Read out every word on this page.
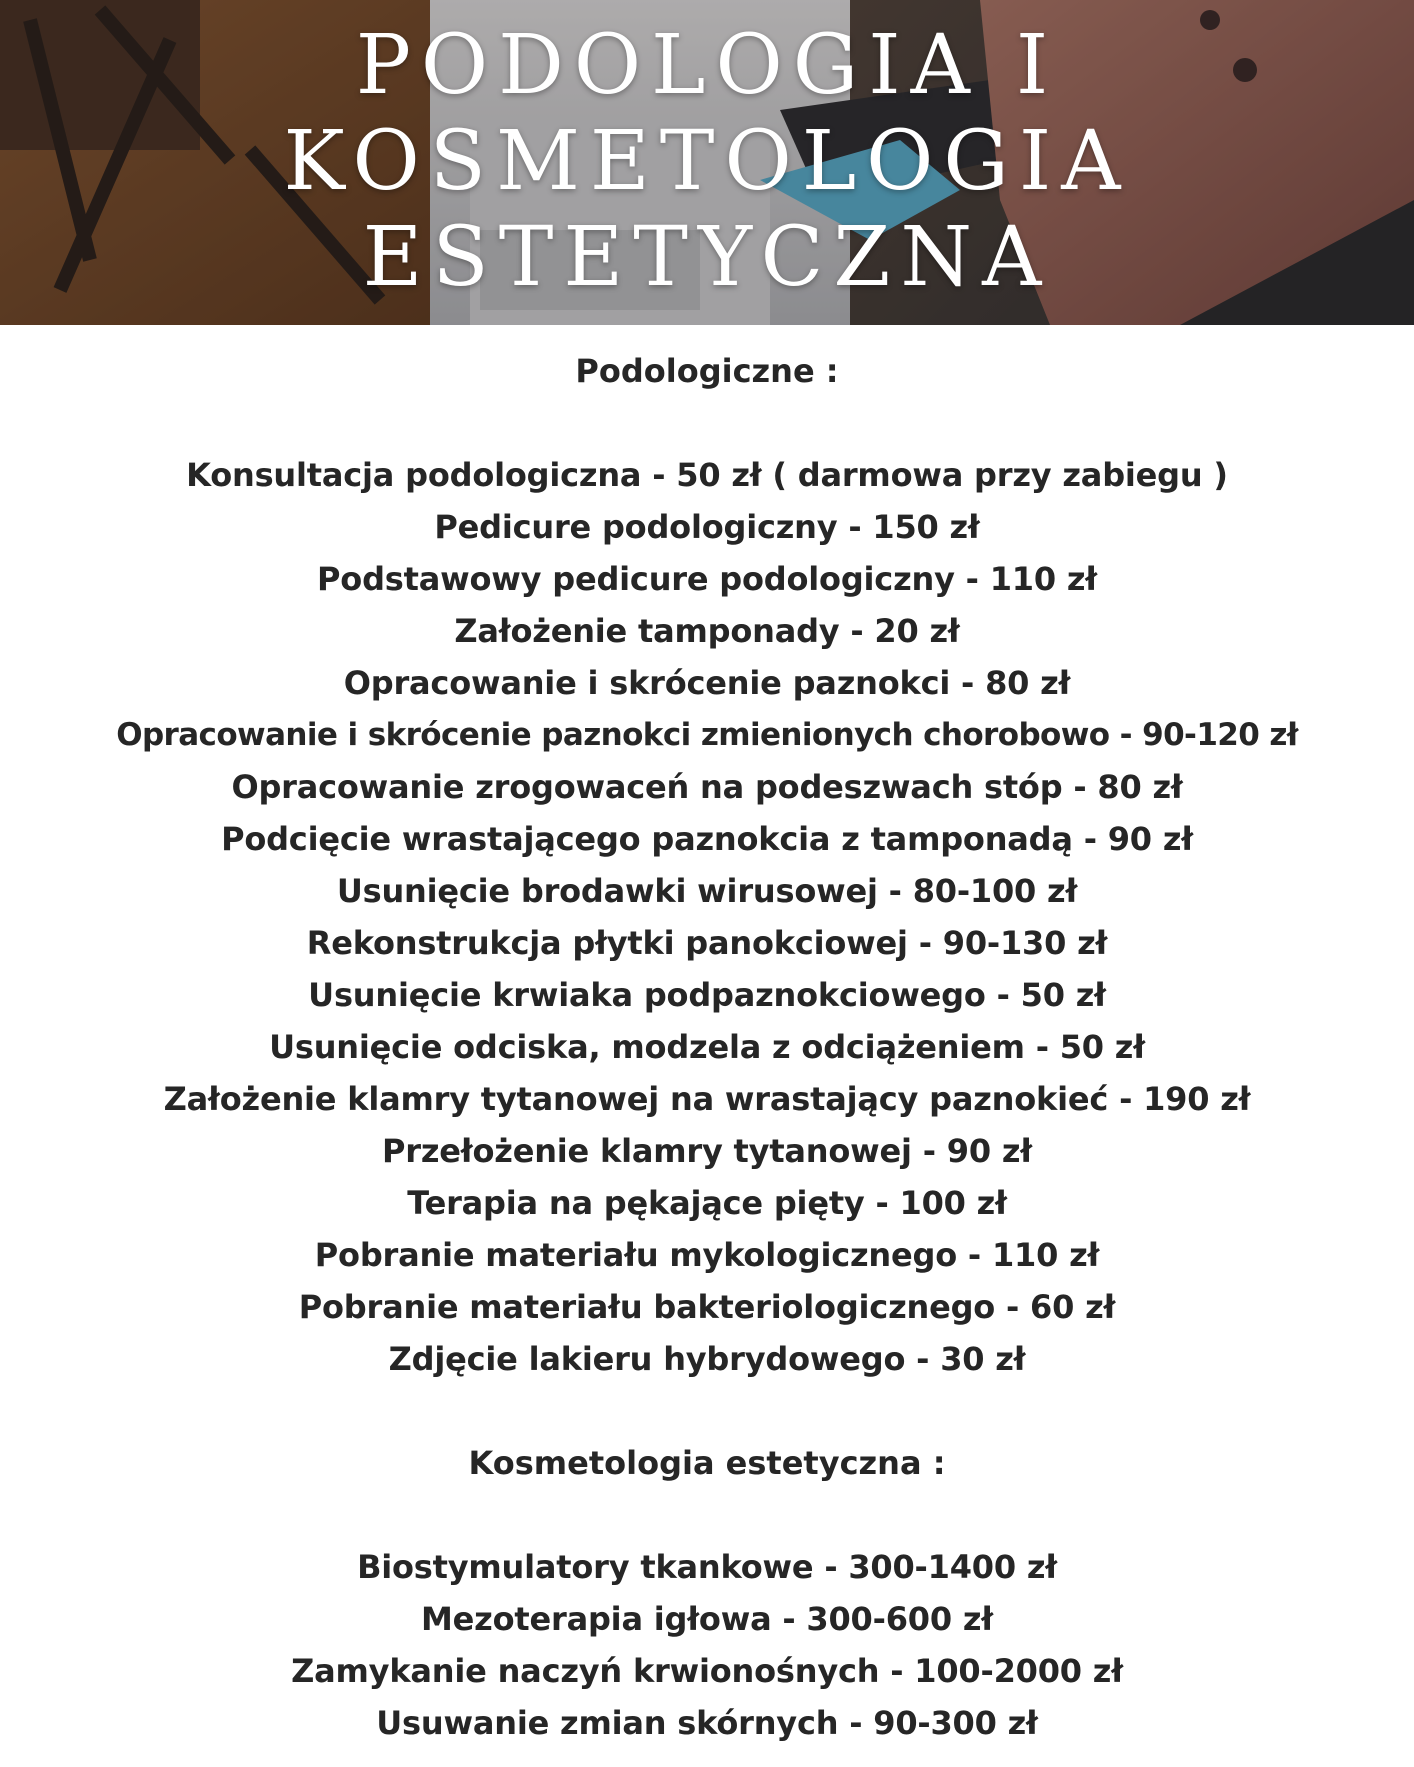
PODOLOGIA I
KOSMETOLOGIA
ESTETYCZNA
Podologiczne :
Konsultacja podologiczna - 50 zł ( darmowa przy zabiegu )
Pedicure podologiczny - 150 zł
Podstawowy pedicure podologiczny - 110 zł
Założenie tamponady - 20 zł
Opracowanie i skrócenie paznokci - 80 zł
Opracowanie i skrócenie paznokci zmienionych chorobowo - 90-120 zł
Opracowanie zrogowaceń na podeszwach stóp - 80 zł
Podcięcie wrastającego paznokcia z tamponadą - 90 zł
Usunięcie brodawki wirusowej - 80-100 zł
Rekonstrukcja płytki panokciowej - 90-130 zł
Usunięcie krwiaka podpaznokciowego - 50 zł
Usunięcie odciska, modzela z odciążeniem - 50 zł
Założenie klamry tytanowej na wrastający paznokieć - 190 zł
Przełożenie klamry tytanowej - 90 zł
Terapia na pękające pięty - 100 zł
Pobranie materiału mykologicznego - 110 zł
Pobranie materiału bakteriologicznego - 60 zł
Zdjęcie lakieru hybrydowego - 30 zł
Kosmetologia estetyczna :
Biostymulatory tkankowe - 300-1400 zł
Mezoterapia igłowa - 300-600 zł
Zamykanie naczyń krwionośnych - 100-2000 zł
Usuwanie zmian skórnych - 90-300 zł
